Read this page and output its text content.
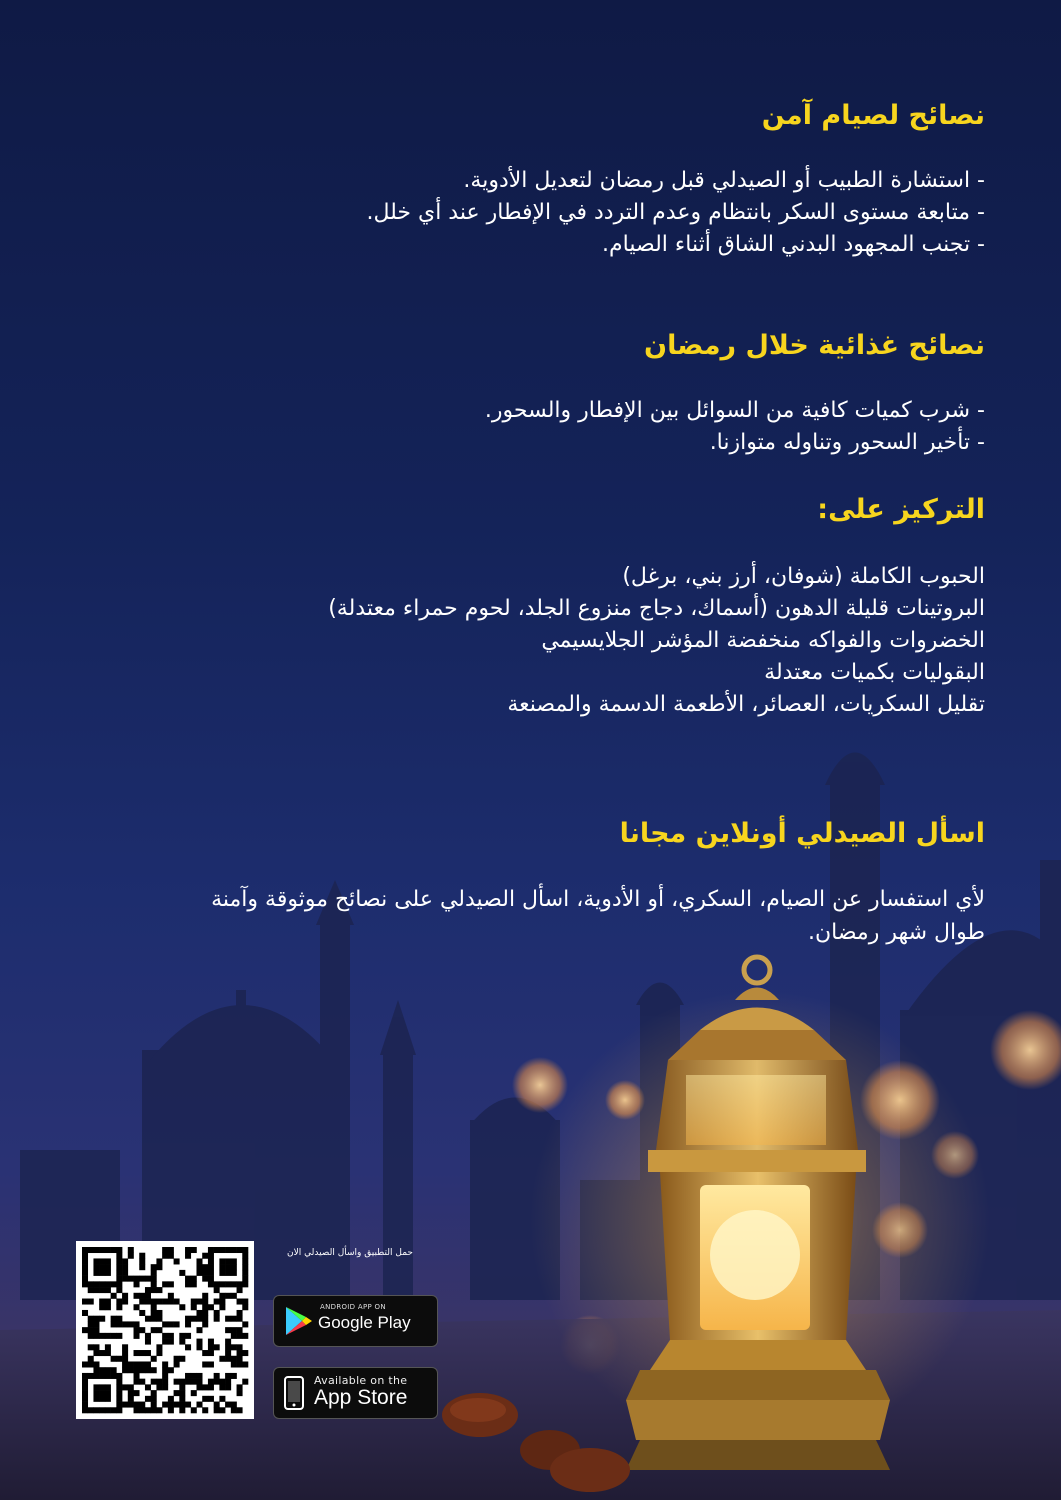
نصائح لصيام آمن
- استشارة الطبيب أو الصيدلي قبل رمضان لتعديل الأدوية.
- متابعة مستوى السكر بانتظام وعدم التردد في الإفطار عند أي خلل.
- تجنب المجهود البدني الشاق أثناء الصيام.
نصائح غذائية خلال رمضان
- شرب كميات كافية من السوائل بين الإفطار والسحور.
- تأخير السحور وتناوله متوازنا.
التركيز على:
الحبوب الكاملة (شوفان، أرز بني، برغل)
البروتينات قليلة الدهون (أسماك، دجاج منزوع الجلد، لحوم حمراء معتدلة)
الخضروات والفواكه منخفضة المؤشر الجلايسيمي
البقوليات بكميات معتدلة
تقليل السكريات، العصائر، الأطعمة الدسمة والمصنعة
اسأل الصيدلي أونلاين مجانا
لأي استفسار عن الصيام، السكري، أو الأدوية، اسأل الصيدلي على نصائح موثوقة وآمنة
طوال شهر رمضان.
حمل التطبيق واسأل الصيدلي الان
ANDROID APP ON
Google Play
Available on the
App Store
